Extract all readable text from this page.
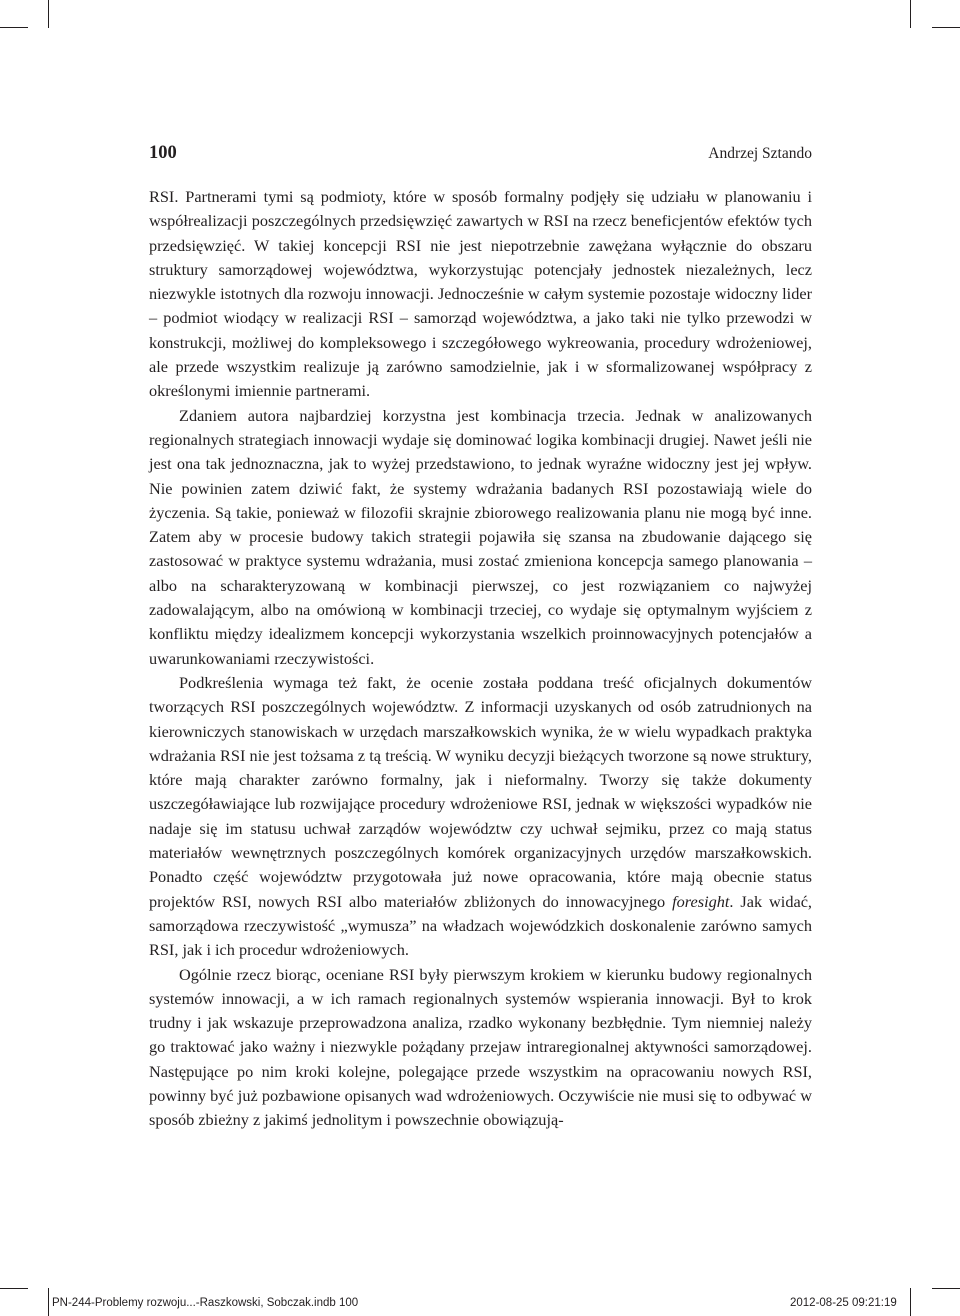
100	Andrzej Sztando

RSI. Partnerami tymi są podmioty, które w sposób formalny podjęły się udziału w planowaniu i współrealizacji poszczególnych przedsięwzięć zawartych w RSI na rzecz beneficjentów efektów tych przedsięwzięć. W takiej koncepcji RSI nie jest niepotrzebnie zawężana wyłącznie do obszaru struktury samorządowej województwa, wykorzystując potencjały jednostek niezależnych, lecz niezwykle istotnych dla rozwoju innowacji. Jednocześnie w całym systemie pozostaje widoczny lider – podmiot wiodący w realizacji RSI – samorząd województwa, a jako taki nie tylko przewodzi w konstrukcji, możliwej do kompleksowego i szczegółowego wykreowania, procedury wdrożeniowej, ale przede wszystkim realizuje ją zarówno samodzielnie, jak i w sformalizowanej współpracy z określonymi imiennie partnerami.

Zdaniem autora najbardziej korzystna jest kombinacja trzecia. Jednak w analizowanych regionalnych strategiach innowacji wydaje się dominować logika kombinacji drugiej. Nawet jeśli nie jest ona tak jednoznaczna, jak to wyżej przedstawiono, to jednak wyraźne widoczny jest jej wpływ. Nie powinien zatem dziwić fakt, że systemy wdrażania badanych RSI pozostawiają wiele do życzenia. Są takie, ponieważ w filozofii skrajnie zbiorowego realizowania planu nie mogą być inne. Zatem aby w procesie budowy takich strategii pojawiła się szansa na zbudowanie dającego się zastosować w praktyce systemu wdrażania, musi zostać zmieniona koncepcja samego planowania – albo na scharakteryzowaną w kombinacji pierwszej, co jest rozwiązaniem co najwyżej zadowalającym, albo na omówioną w kombinacji trzeciej, co wydaje się optymalnym wyjściem z konfliktu między idealizmem koncepcji wykorzystania wszelkich proinnowacyjnych potencjałów a uwarunkowaniami rzeczywistości.

Podkreślenia wymaga też fakt, że ocenie została poddana treść oficjalnych dokumentów tworzących RSI poszczególnych województw. Z informacji uzyskanych od osób zatrudnionych na kierowniczych stanowiskach w urzędach marszałkowskich wynika, że w wielu wypadkach praktyka wdrażania RSI nie jest tożsama z tą treścią. W wyniku decyzji bieżących tworzone są nowe struktury, które mają charakter zarówno formalny, jak i nieformalny. Tworzy się także dokumenty uszczegóławiające lub rozwijające procedury wdrożeniowe RSI, jednak w większości wypadków nie nadaje się im statusu uchwał zarządów województw czy uchwał sejmiku, przez co mają status materiałów wewnętrznych poszczególnych komórek organizacyjnych urzędów marszałkowskich. Ponadto część województw przygotowała już nowe opracowania, które mają obecnie status projektów RSI, nowych RSI albo materiałów zbliżonych do innowacyjnego foresight. Jak widać, samorządowa rzeczywistość „wymusza” na władzach wojewódzkich doskonalenie zarówno samych RSI, jak i ich procedur wdrożeniowych.

Ogólnie rzecz biorąc, oceniane RSI były pierwszym krokiem w kierunku budowy regionalnych systemów innowacji, a w ich ramach regionalnych systemów wspierania innowacji. Był to krok trudny i jak wskazuje przeprowadzona analiza, rzadko wykonany bezbłędnie. Tym niemniej należy go traktować jako ważny i niezwykle pożądany przejaw intraregionalnej aktywności samorządowej. Następujące po nim kroki kolejne, polegające przede wszystkim na opracowaniu nowych RSI, powinny być już pozbawione opisanych wad wdrożeniowych. Oczywiście nie musi się to odbywać w sposób zbieżny z jakimś jednolitym i powszechnie obowiązują-

PN-244-Problemy rozwoju...-Raszkowski, Sobczak.indb 100	2012-08-25 09:21:19
